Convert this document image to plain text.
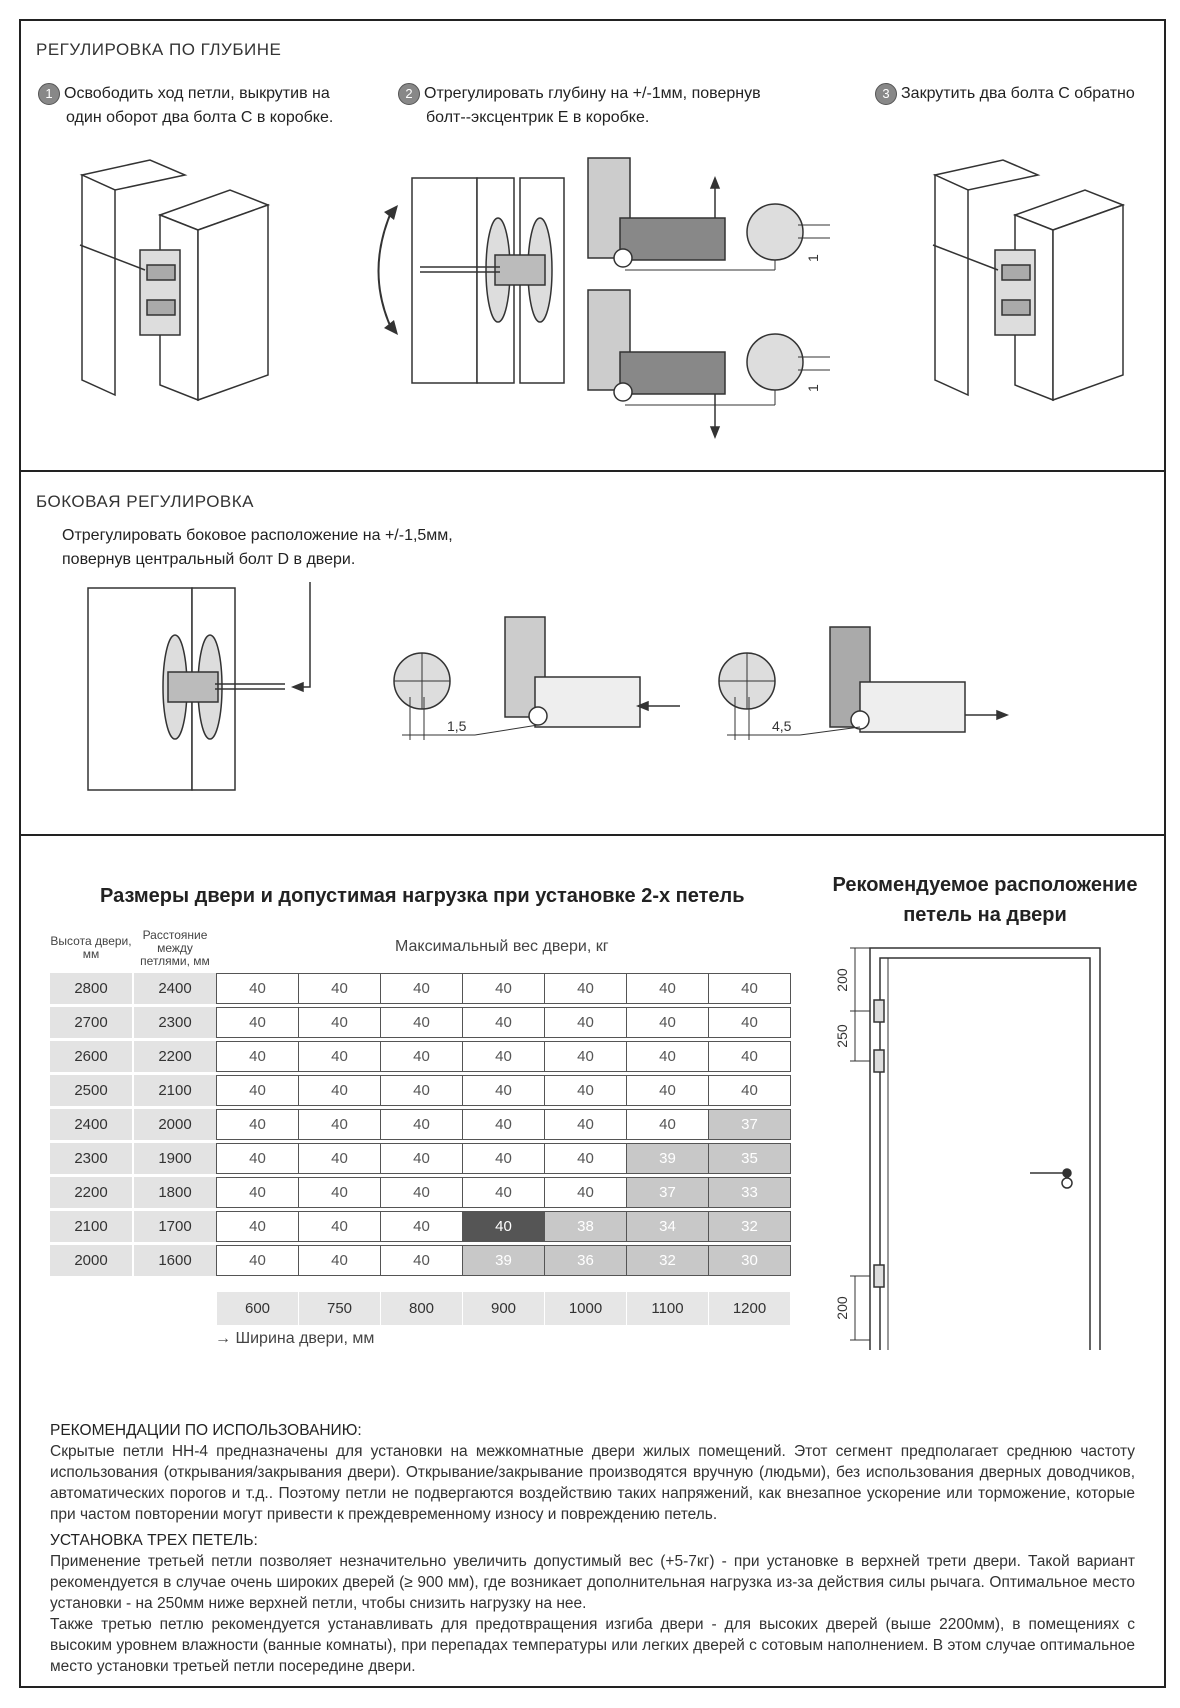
РЕГУЛИРОВКА ПО ГЛУБИНЕ
1 Освободить ход петли, выкрутив на
один оборот два болта С в коробке.
2 Отрегулировать глубину на +/-1мм, повернув
болт--эксцентрик Е в коробке.
3 Закрутить два болта С обратно
1
1
БОКОВАЯ РЕГУЛИРОВКА
Отрегулировать боковое расположение на +/-1,5мм,
повернув центральный болт D в двери.
1,5	4,5
Размеры двери и допустимая нагрузка при установке 2-х петель	Рекомендуемое расположение
петель на двери
Высота двери, мм
Расстояние между петлями, мм
Максимальный вес двери, кг
2800	2400	40	40	40	40	40	40	40
2700	2300	40	40	40	40	40	40	40
2600	2200	40	40	40	40	40	40	40
2500	2100	40	40	40	40	40	40	40
2400	2000	40	40	40	40	40	40	37
2300	1900	40	40	40	40	40	39	35
2200	1800	40	40	40	40	40	37	33
2100	1700	40	40	40	40	38	34	32
2000	1600	40	40	40	39	36	32	30
600	750	800	900	1000	1100	1200
→ Ширина двери, мм
200
250
200
РЕКОМЕНДАЦИИ ПО ИСПОЛЬЗОВАНИЮ:
Скрытые петли НН-4 предназначены для установки на межкомнатные двери жилых помещений. Этот сегмент предполагает среднюю частоту использования (открывания/закрывания двери). Открывание/закрывание производятся вручную (людьми), без использования дверных доводчиков, автоматических порогов и т.д.. Поэтому петли не подвергаются воздействию таких напряжений, как внезапное ускорение или торможение, которые при частом повторении могут привести к преждевременному износу и повреждению петель.
УСТАНОВКА ТРЕХ ПЕТЕЛЬ:
Применение третьей петли позволяет незначительно увеличить допустимый вес (+5-7кг) - при установке в верхней трети двери. Такой вариант рекомендуется в случае очень широких дверей (≥ 900 мм), где возникает дополнительная нагрузка из-за действия силы рычага. Оптимальное место установки - на 250мм ниже верхней петли, чтобы снизить нагрузку на нее.
Также третью петлю рекомендуется устанавливать для предотвращения изгиба двери - для высоких дверей (выше 2200мм), в помещениях с высоким уровнем влажности (ванные комнаты), при перепадах температуры или легких дверей с сотовым наполнением. В этом случае оптимальное место установки третьей петли посередине двери.
